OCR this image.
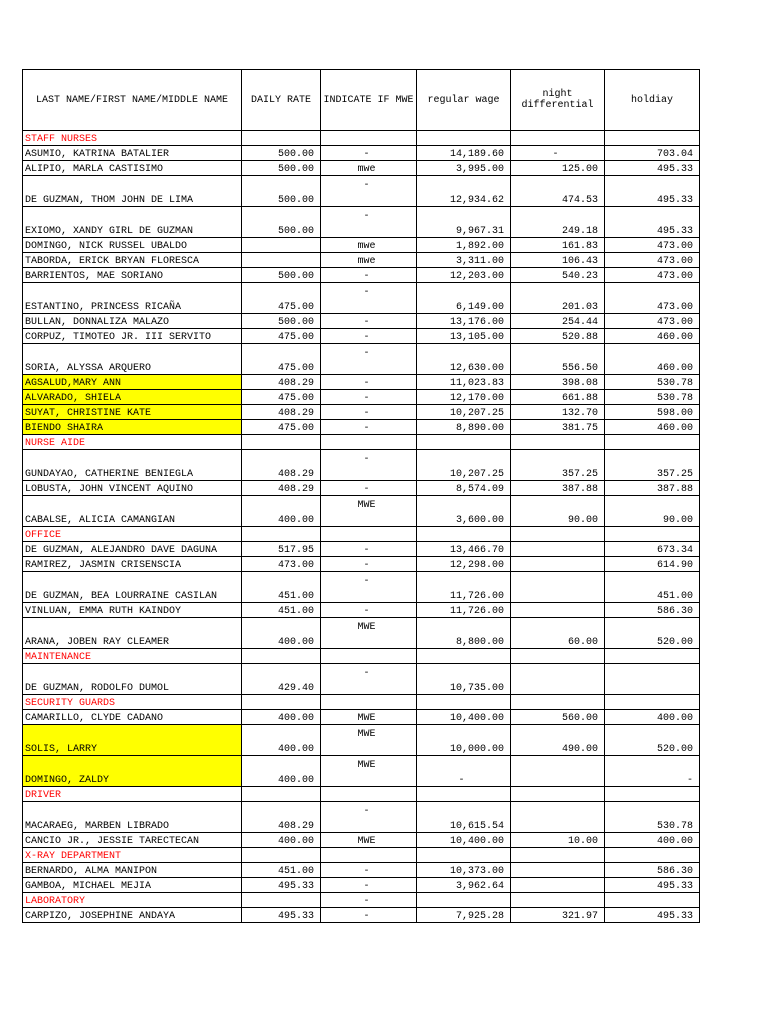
LAST NAME/FIRST NAME/MIDDLE NAME	DAILY RATE	INDICATE IF MWE	regular wage	night differential	holdiay
STAFF NURSES					
ASUMIO, KATRINA BATALIER	500.00	-	14,189.60	-	703.04
ALIPIO, MARLA CASTISIMO	500.00	mwe	3,995.00	125.00	495.33
DE GUZMAN, THOM JOHN DE LIMA	500.00	-	12,934.62	474.53	495.33
EXIOMO, XANDY GIRL DE GUZMAN	500.00	-	9,967.31	249.18	495.33
DOMINGO, NICK RUSSEL UBALDO		mwe	1,892.00	161.83	473.00
TABORDA, ERICK BRYAN FLORESCA		mwe	3,311.00	106.43	473.00
BARRIENTOS, MAE SORIANO	500.00	-	12,203.00	540.23	473.00
ESTANTINO, PRINCESS RICAÑA	475.00	-	6,149.00	201.03	473.00
BULLAN, DONNALIZA MALAZO	500.00	-	13,176.00	254.44	473.00
CORPUZ, TIMOTEO JR. III SERVITO	475.00	-	13,105.00	520.88	460.00
SORIA, ALYSSA ARQUERO	475.00	-	12,630.00	556.50	460.00
AGSALUD,MARY ANN	408.29	-	11,023.83	398.08	530.78
ALVARADO, SHIELA	475.00	-	12,170.00	661.88	530.78
SUYAT, CHRISTINE KATE	408.29	-	10,207.25	132.70	598.00
BIENDO SHAIRA	475.00	-	8,890.00	381.75	460.00
NURSE AIDE					
GUNDAYAO, CATHERINE BENIEGLA	408.29	-	10,207.25	357.25	357.25
LOBUSTA, JOHN VINCENT AQUINO	408.29	-	8,574.09	387.88	387.88
CABALSE, ALICIA CAMANGIAN	400.00	MWE	3,600.00	90.00	90.00
OFFICE					
DE GUZMAN, ALEJANDRO DAVE DAGUNA	517.95	-	13,466.70		673.34
RAMIREZ, JASMIN CRISENSCIA	473.00	-	12,298.00		614.90
DE GUZMAN, BEA LOURRAINE CASILAN	451.00	-	11,726.00		451.00
VINLUAN, EMMA RUTH KAINDOY	451.00	-	11,726.00		586.30
ARANA, JOBEN RAY CLEAMER	400.00	MWE	8,800.00	60.00	520.00
MAINTENANCE					
DE GUZMAN, RODOLFO DUMOL	429.40	-	10,735.00		
SECURITY GUARDS					
CAMARILLO, CLYDE CADANO	400.00	MWE	10,400.00	560.00	400.00
SOLIS, LARRY	400.00	MWE	10,000.00	490.00	520.00
DOMINGO, ZALDY	400.00	MWE	-		-
DRIVER					
MACARAEG, MARBEN LIBRADO	408.29	-	10,615.54		530.78
CANCIO JR., JESSIE TARECTECAN	400.00	MWE	10,400.00	10.00	400.00
X-RAY DEPARTMENT					
BERNARDO, ALMA MANIPON	451.00	-	10,373.00		586.30
GAMBOA, MICHAEL MEJIA	495.33	-	3,962.64		495.33
LABORATORY		-			
CARPIZO, JOSEPHINE ANDAYA	495.33	-	7,925.28	321.97	495.33
